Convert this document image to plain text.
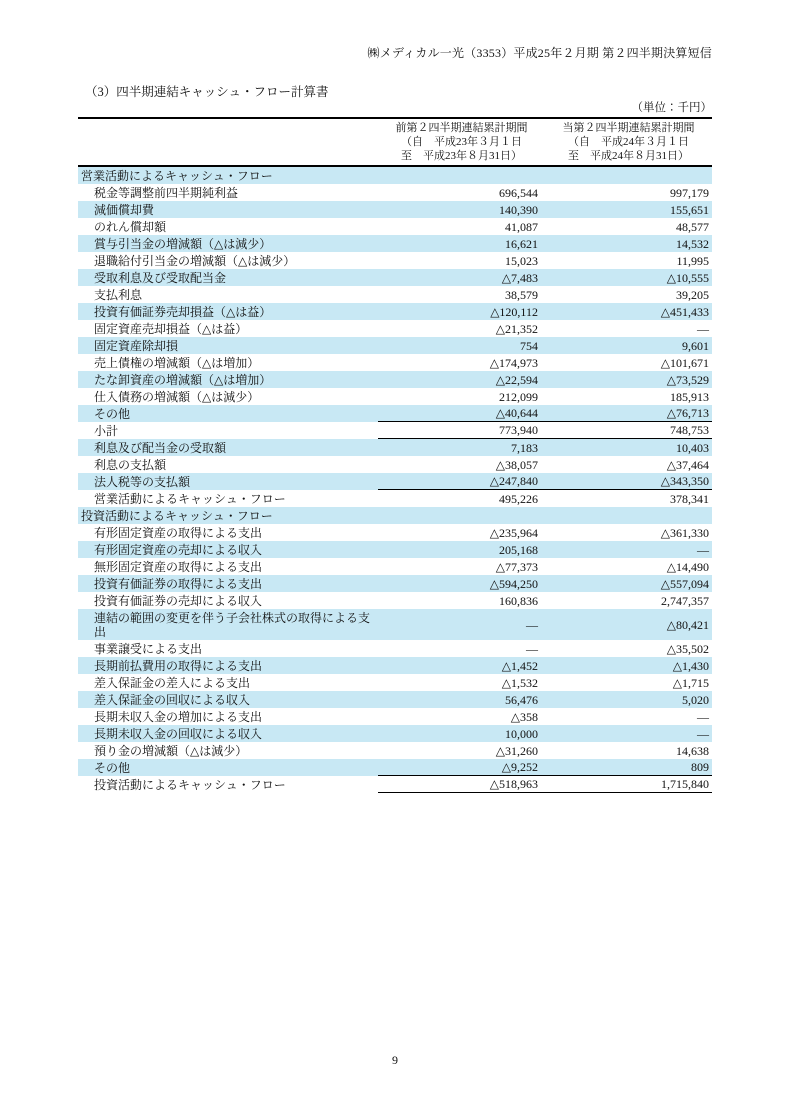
㈱メディカル一光（3353）平成25年２月期 第２四半期決算短信
（3）四半期連結キャッシュ・フロー計算書
（単位：千円）
前第２四半期連結累計期間
（自　平成23年３月１日
至　平成23年８月31日）
当第２四半期連結累計期間
（自　平成24年３月１日
至　平成24年８月31日）
営業活動によるキャッシュ・フロー
税金等調整前四半期純利益	696,544	997,179
減価償却費	140,390	155,651
のれん償却額	41,087	48,577
賞与引当金の増減額（△は減少）	16,621	14,532
退職給付引当金の増減額（△は減少）	15,023	11,995
受取利息及び受取配当金	△7,483	△10,555
支払利息	38,579	39,205
投資有価証券売却損益（△は益）	△120,112	△451,433
固定資産売却損益（△は益）	△21,352	―
固定資産除却損	754	9,601
売上債権の増減額（△は増加）	△174,973	△101,671
たな卸資産の増減額（△は増加）	△22,594	△73,529
仕入債務の増減額（△は減少）	212,099	185,913
その他	△40,644	△76,713
小計	773,940	748,753
利息及び配当金の受取額	7,183	10,403
利息の支払額	△38,057	△37,464
法人税等の支払額	△247,840	△343,350
営業活動によるキャッシュ・フロー	495,226	378,341
投資活動によるキャッシュ・フロー
有形固定資産の取得による支出	△235,964	△361,330
有形固定資産の売却による収入	205,168	―
無形固定資産の取得による支出	△77,373	△14,490
投資有価証券の取得による支出	△594,250	△557,094
投資有価証券の売却による収入	160,836	2,747,357
連結の範囲の変更を伴う子会社株式の取得による支出	―	△80,421
事業譲受による支出	―	△35,502
長期前払費用の取得による支出	△1,452	△1,430
差入保証金の差入による支出	△1,532	△1,715
差入保証金の回収による収入	56,476	5,020
長期未収入金の増加による支出	△358	―
長期未収入金の回収による収入	10,000	―
預り金の増減額（△は減少）	△31,260	14,638
その他	△9,252	809
投資活動によるキャッシュ・フロー	△518,963	1,715,840
9
